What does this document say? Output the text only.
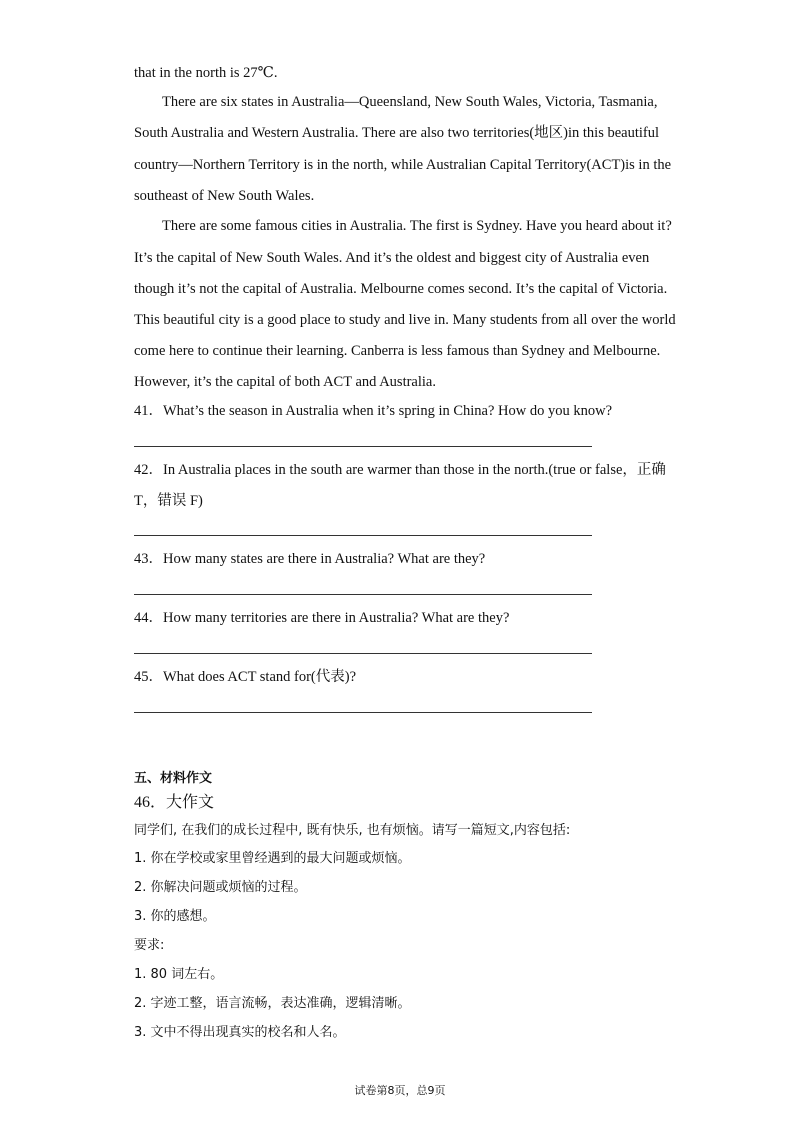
that in the north is 27℃.
There are six states in Australia—Queensland, New South Wales, Victoria, Tasmania,
South Australia and Western Australia. There are also two territories(地区)in this beautiful
country—Northern Territory is in the north, while Australian Capital Territory(ACT)is in the
southeast of New South Wales.
There are some famous cities in Australia. The first is Sydney. Have you heard about it?
It’s the capital of New South Wales. And it’s the oldest and biggest city of Australia even
though it’s not the capital of Australia. Melbourne comes second. It’s the capital of Victoria.
This beautiful city is a good place to study and live in. Many students from all over the world
come here to continue their learning. Canberra is less famous than Sydney and Melbourne.
However, it’s the capital of both ACT and Australia.
41．What’s the season in Australia when it’s spring in China? How do you know?
42．In Australia places in the south are warmer than those in the north.(true or false，正确
T，错误 F)
43．How many states are there in Australia? What are they?
44．How many territories are there in Australia? What are they?
45．What does ACT stand for(代表)?
五、材料作文
46．大作文
同学们, 在我们的成长过程中, 既有快乐, 也有烦恼。请写一篇短文,内容包括:
1. 你在学校或家里曾经遇到的最大问题或烦恼。
2. 你解决问题或烦恼的过程。
3. 你的感想。
要求:
1. 80 词左右。
2. 字迹工整，语言流畅，表达准确，逻辑清晰。
3. 文中不得出现真实的校名和人名。
试卷第8页，总9页
